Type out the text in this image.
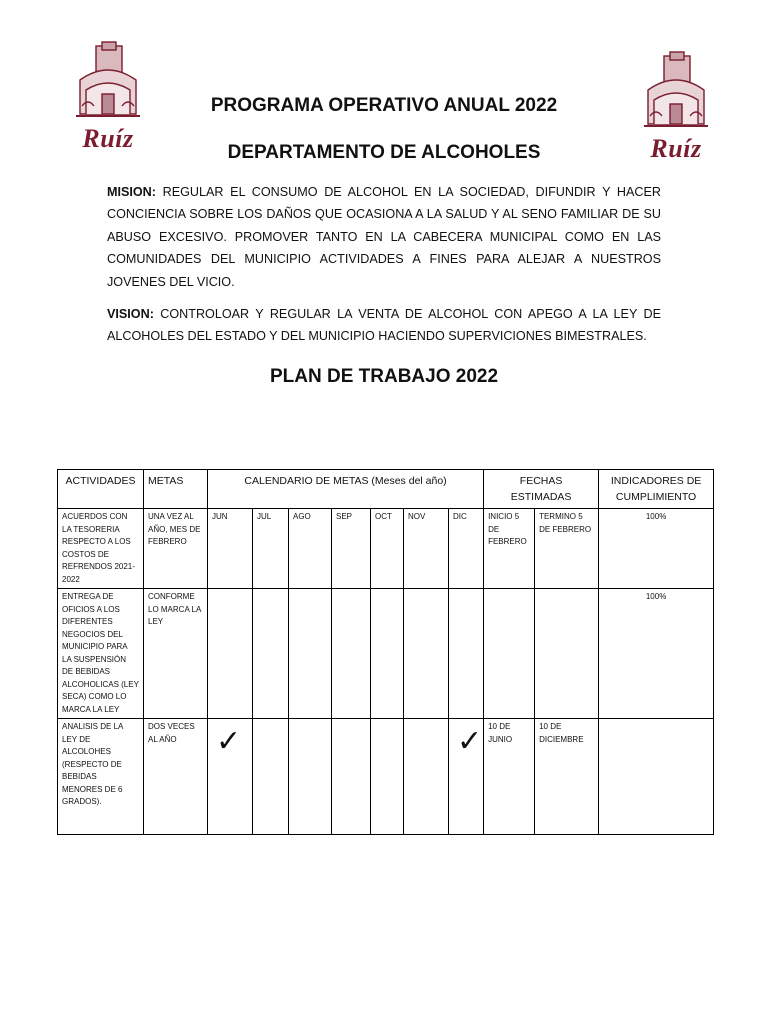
Ruíz
	Ruíz

PROGRAMA OPERATIVO ANUAL 2022
DEPARTAMENTO DE ALCOHOLES

MISION: REGULAR EL CONSUMO DE ALCOHOL EN LA SOCIEDAD, DIFUNDIR Y HACER CONCIENCIA SOBRE LOS DAÑOS QUE OCASIONA A LA SALUD Y AL SENO FAMILIAR DE SU ABUSO EXCESIVO. PROMOVER TANTO EN LA CABECERA MUNICIPAL COMO EN LAS COMUNIDADES DEL MUNICIPIO ACTIVIDADES A FINES PARA ALEJAR A NUESTROS JOVENES DEL VICIO.

VISION: CONTROLOAR Y REGULAR LA VENTA DE ALCOHOL CON APEGO A LA LEY DE ALCOHOLES DEL ESTADO Y DEL MUNICIPIO HACIENDO SUPERVICIONES BIMESTRALES.

PLAN DE TRABAJO 2022
ACTIVIDADES	METAS	CALENDARIO DE METAS (Meses del año)							FECHAS ESTIMADAS		INDICADORES DE CUMPLIMIENTO
ACUERDOS CON LA TESORERIA RESPECTO A LOS COSTOS DE REFRENDOS 2021-2022	UNA VEZ AL AÑO, MES DE FEBRERO	JUN	JUL	AGO	SEP	OCT	NOV	DIC	INICIO 5 DE FEBRERO	TERMINO 5 DE FEBRERO	100%
ENTREGA DE OFICIOS A LOS DIFERENTES NEGOCIOS DEL MUNICIPIO PARA LA SUSPENSIÓN DE BEBIDAS ALCOHOLICAS (LEY SECA) COMO LO MARCA LA LEY	CONFORME LO MARCA LA LEY										100%
ANALISIS DE LA LEY DE ALCOLOHES (RESPECTO DE BEBIDAS MENORES DE 6 GRADOS).	DOS VECES AL AÑO	✓						✓	10 DE JUNIO	10 DE DICIEMBRE	
